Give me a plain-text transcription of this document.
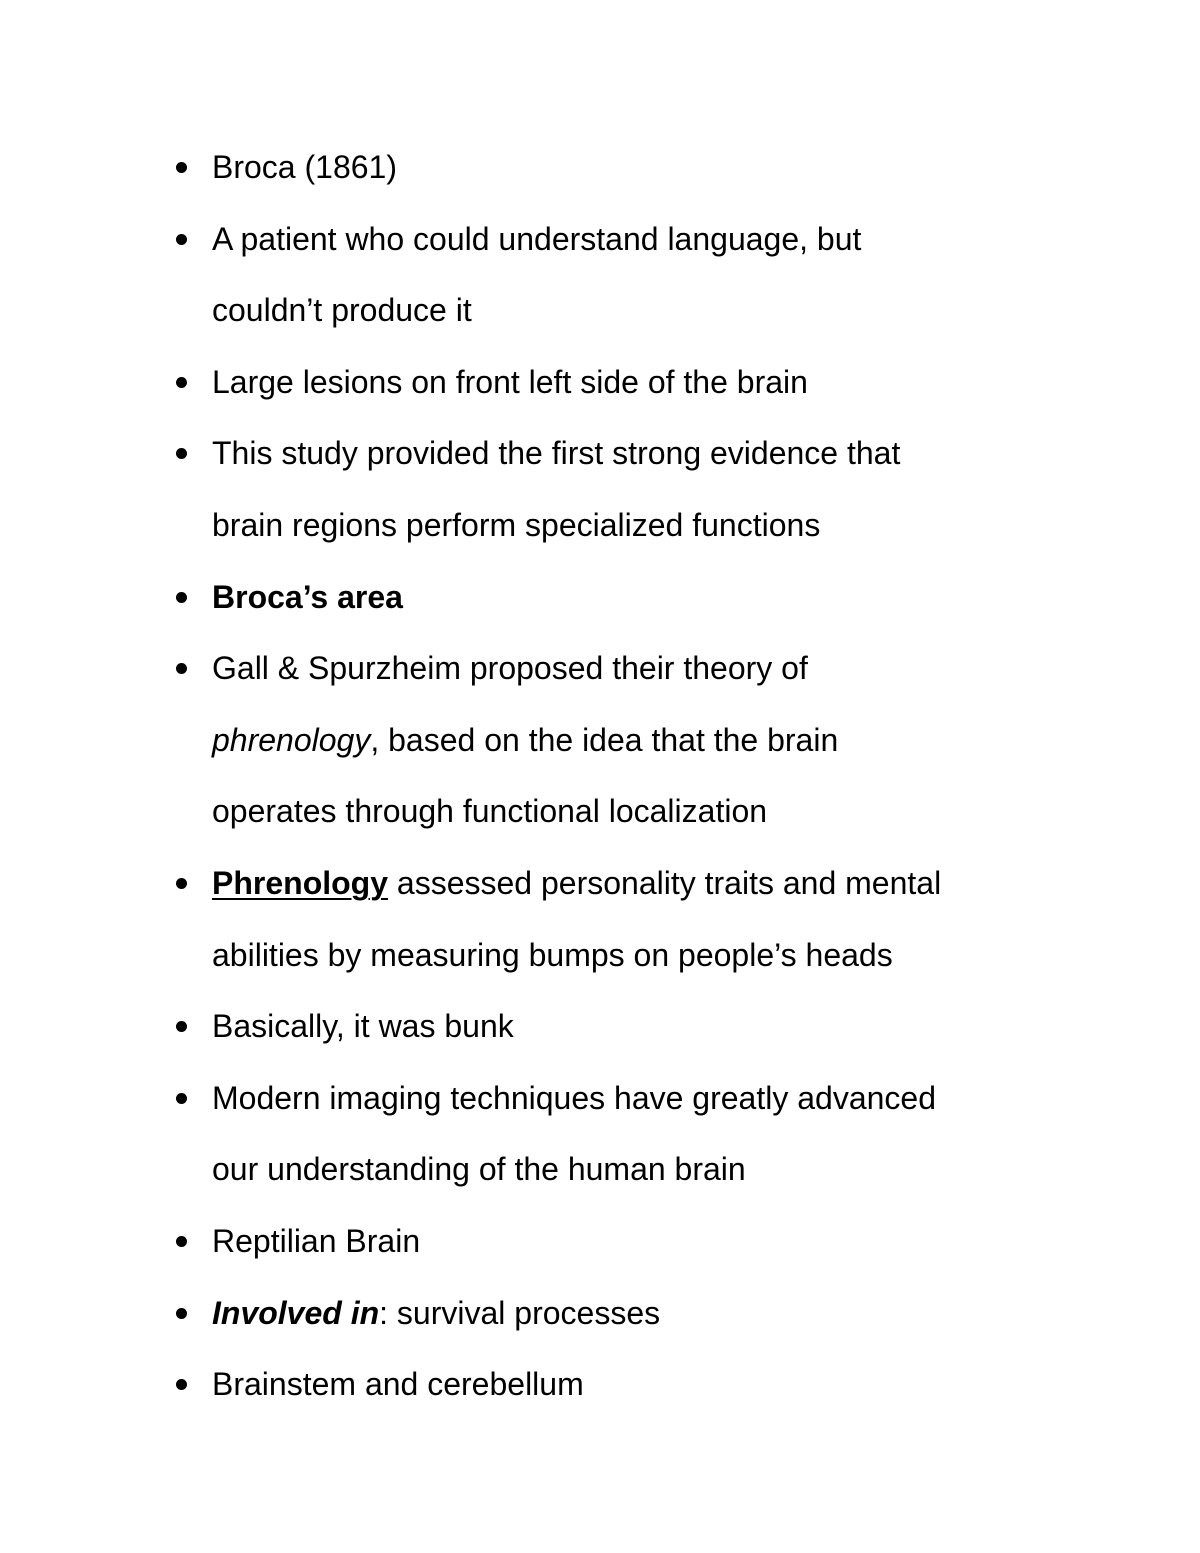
Broca (1861)
A patient who could understand language, but
couldn’t produce it
Large lesions on front left side of the brain
This study provided the first strong evidence that
brain regions perform specialized functions
Broca’s area
Gall & Spurzheim proposed their theory of
phrenology, based on the idea that the brain
operates through functional localization
Phrenology assessed personality traits and mental
abilities by measuring bumps on people’s heads
Basically, it was bunk
Modern imaging techniques have greatly advanced
our understanding of the human brain
Reptilian Brain
Involved in: survival processes
Brainstem and cerebellum
